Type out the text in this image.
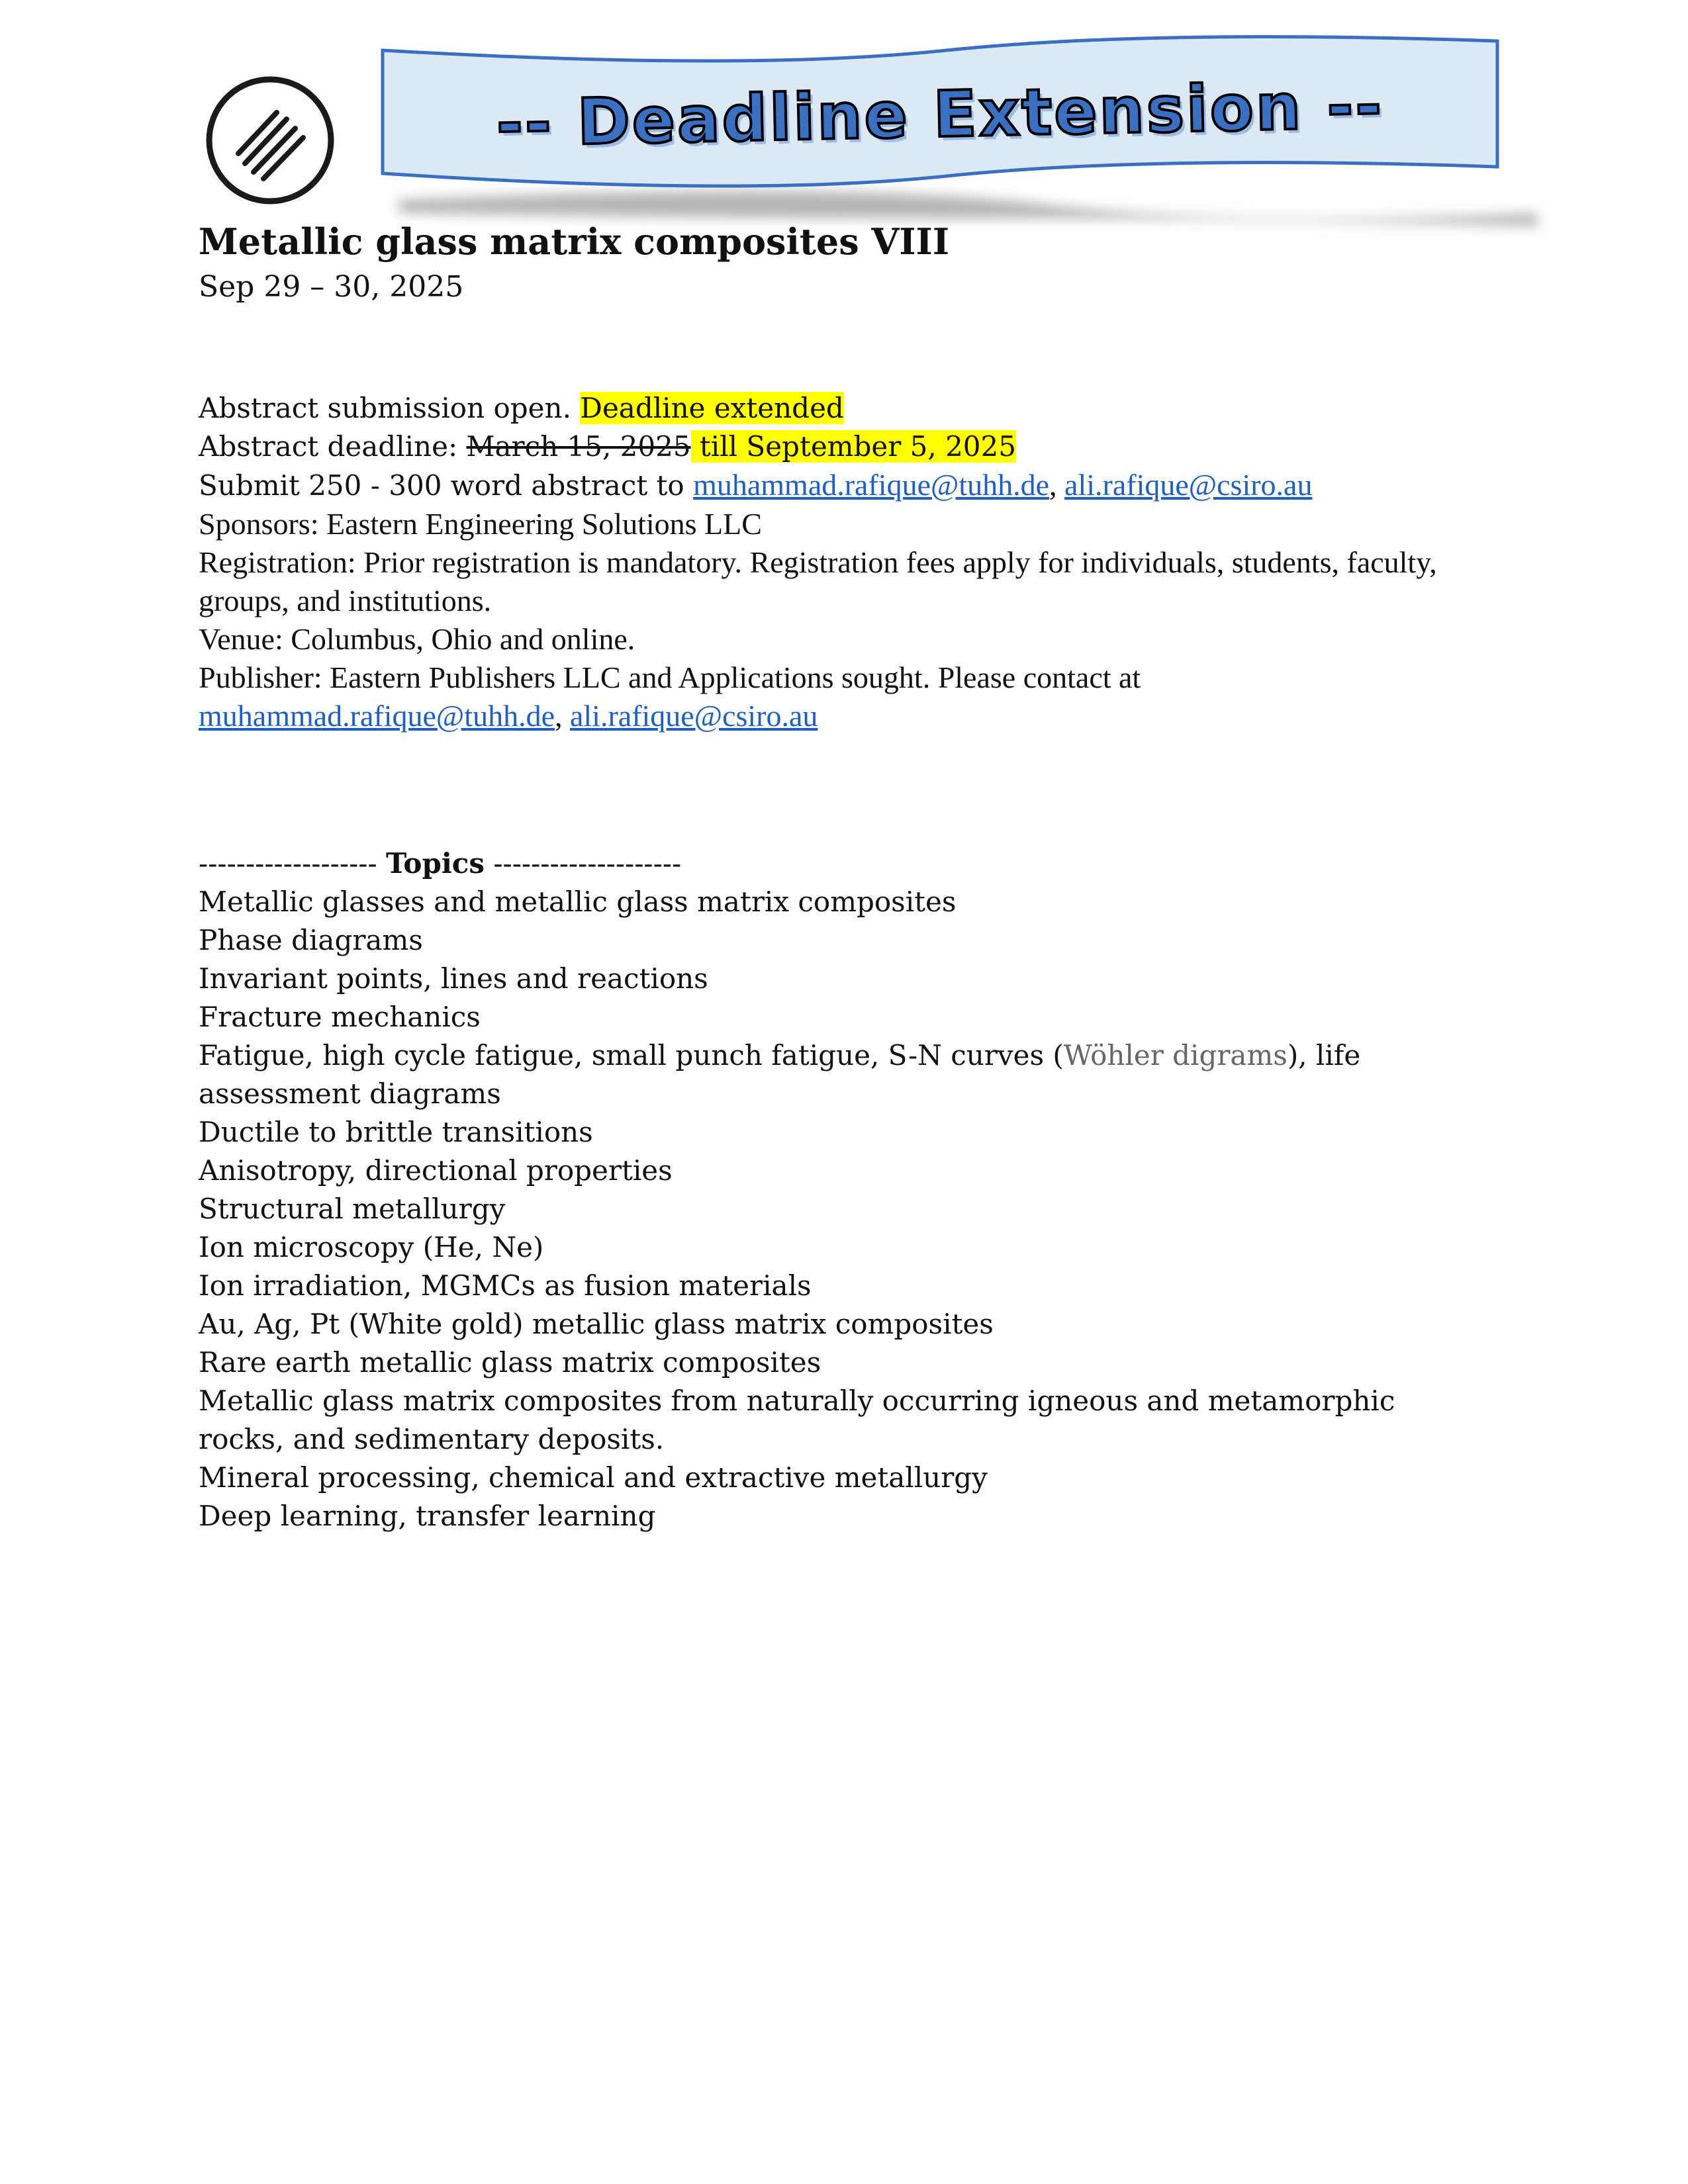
-- Deadline Extension --
Metallic glass matrix composites VIII
Sep 29 – 30, 2025
Abstract submission open. Deadline extended
Abstract deadline: March 15, 2025 till September 5, 2025
Submit 250 - 300 word abstract to muhammad.rafique@tuhh.de, ali.rafique@csiro.au
Sponsors: Eastern Engineering Solutions LLC
Registration: Prior registration is mandatory. Registration fees apply for individuals, students, faculty, groups, and institutions.
Venue: Columbus, Ohio and online.
Publisher: Eastern Publishers LLC and Applications sought. Please contact at
muhammad.rafique@tuhh.de, ali.rafique@csiro.au
------------------- Topics --------------------
Metallic glasses and metallic glass matrix composites
Phase diagrams
Invariant points, lines and reactions
Fracture mechanics
Fatigue, high cycle fatigue, small punch fatigue, S-N curves (Wöhler digrams), life assessment diagrams
Ductile to brittle transitions
Anisotropy, directional properties
Structural metallurgy
Ion microscopy (He, Ne)
Ion irradiation, MGMCs as fusion materials
Au, Ag, Pt (White gold) metallic glass matrix composites
Rare earth metallic glass matrix composites
Metallic glass matrix composites from naturally occurring igneous and metamorphic rocks, and sedimentary deposits.
Mineral processing, chemical and extractive metallurgy
Deep learning, transfer learning
